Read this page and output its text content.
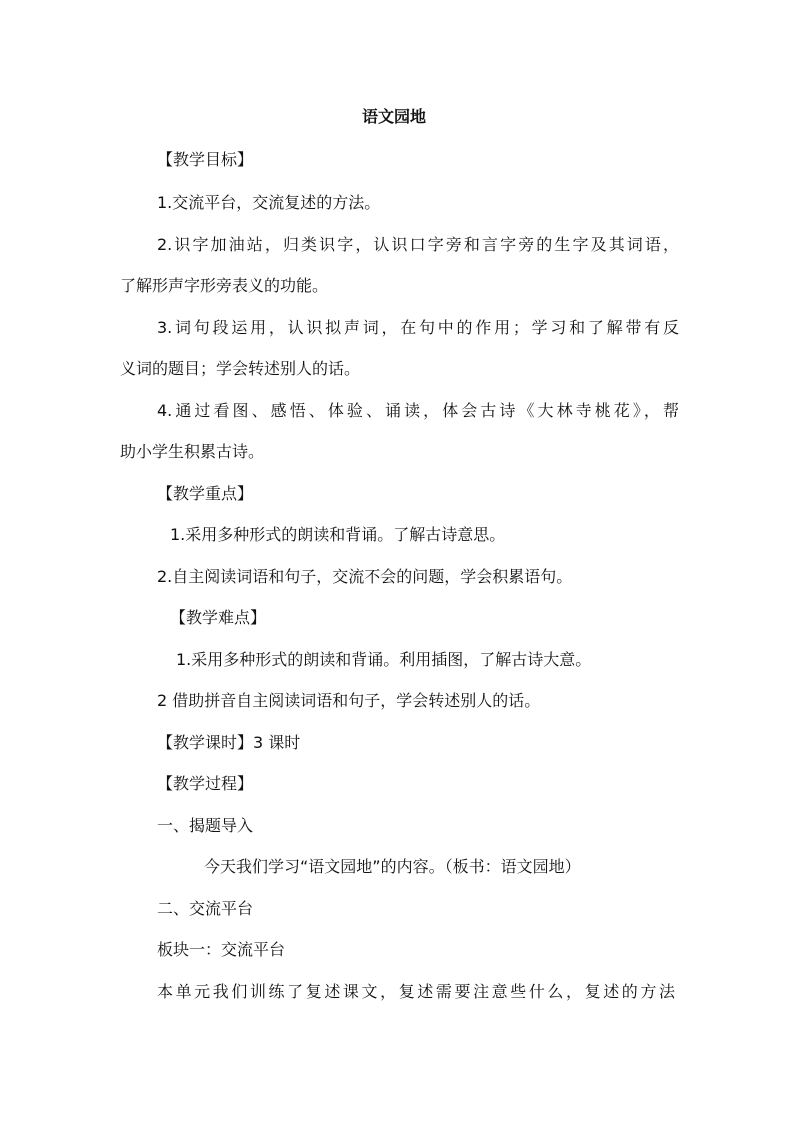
语文园地

【教学目标】

1.交流平台，交流复述的方法。

2.识字加油站，归类识字，认识口字旁和言字旁的生字及其词语，

了解形声字形旁表义的功能。

3.词句段运用，认识拟声词，在句中的作用；学习和了解带有反

义词的题目；学会转述别人的话。

4.通过看图、感悟、体验、诵读，体会古诗《大林寺桃花》，帮

助小学生积累古诗。

【教学重点】

1.采用多种形式的朗读和背诵。了解古诗意思。

2.自主阅读词语和句子，交流不会的问题，学会积累语句。

【教学难点】

1.采用多种形式的朗读和背诵。利用插图，了解古诗大意。

2 借助拼音自主阅读词语和句子，学会转述别人的话。

【教学课时】3 课时

【教学过程】

一、揭题导入

今天我们学习“语文园地”的内容。（板书：语文园地）

二、交流平台

板块一：交流平台

本单元我们训练了复述课文，复述需要注意些什么，复述的方法
